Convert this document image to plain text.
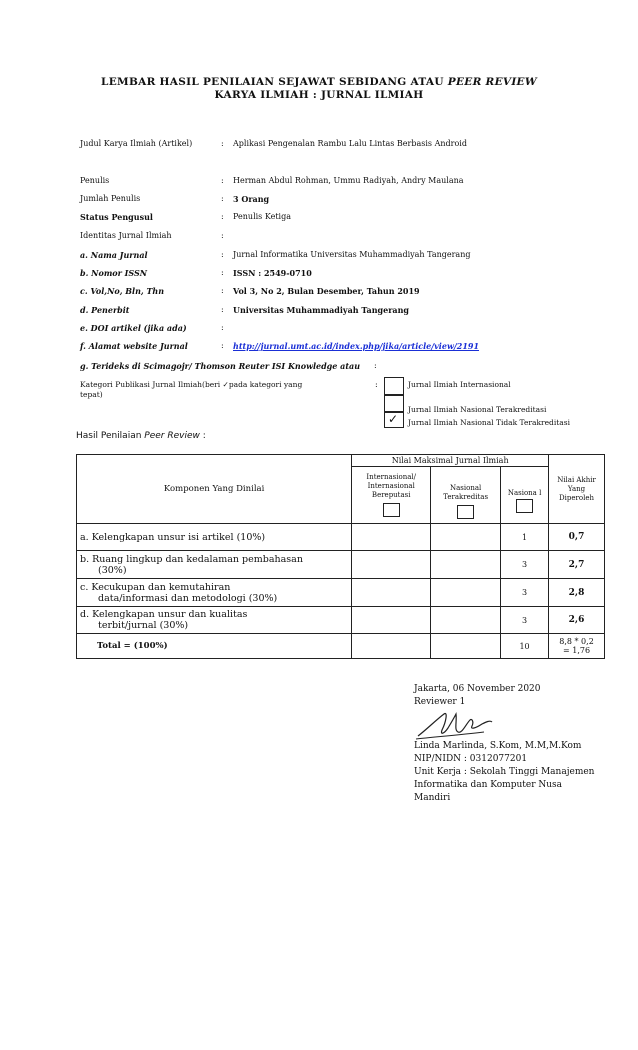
LEMBAR HASIL PENILAIAN SEJAWAT SEBIDANG ATAU PEER REVIEW
KARYA ILMIAH : JURNAL ILMIAH
Judul Karya Ilmiah (Artikel)	: Aplikasi Pengenalan Rambu Lalu Lintas Berbasis Android
Penulis	: Herman Abdul Rohman, Ummu Radiyah, Andry Maulana
Jumlah Penulis	: 3 Orang
Status Pengusul	: Penulis Ketiga
Identitas Jurnal Ilmiah	:
a. Nama Jurnal	: Jurnal Informatika Universitas Muhammadiyah Tangerang
b. Nomor ISSN	: ISSN : 2549-0710
c. Vol,No, Bln, Thn	: Vol 3, No 2, Bulan Desember, Tahun 2019
d. Penerbit	: Universitas Muhammadiyah Tangerang
e. DOI artikel (jika ada)	:
f. Alamat website Jurnal	: http://jurnal.umt.ac.id/index.php/jika/article/view/2191
g. Terideks di Scimagojr/ Thomson Reuter ISI Knowledge atau :
Kategori Publikasi Jurnal Ilmiah(beri ✓pada kategori yang
tepat)
:	Jurnal Ilmiah Internasional
Jurnal Ilmiah Nasional Terakreditasi
✓ Jurnal Ilmiah Nasional Tidak Terakreditasi
Hasil Penilaian Peer Review :
Komponen Yang Dinilai	Nilai Maksimal Jurnal Ilmiah			Nilai Akhir Yang Diperoleh

	Internasional/ Internasional Bereputasi	Nasional Terakreditas	Nasiona l	

a. Kelengkapan unsur isi artikel (10%)			1	0,7

b. Ruang lingkup dan kedalaman pembahasan
(30%)			3	2,7

c. Kecukupan dan kemutahiran
data/informasi dan metodologi (30%)			3	2,8

d. Kelengkapan unsur dan kualitas
terbit/jurnal (30%)			3	2,6
Total = (100%)			10	8,8 * 0,2
= 1,76
Jakarta, 06 November 2020
Reviewer 1
Linda Marlinda, S.Kom, M.M,M.Kom
NIP/NIDN : 0312077201
Unit Kerja : Sekolah Tinggi Manajemen
Informatika dan Komputer Nusa
Mandiri
